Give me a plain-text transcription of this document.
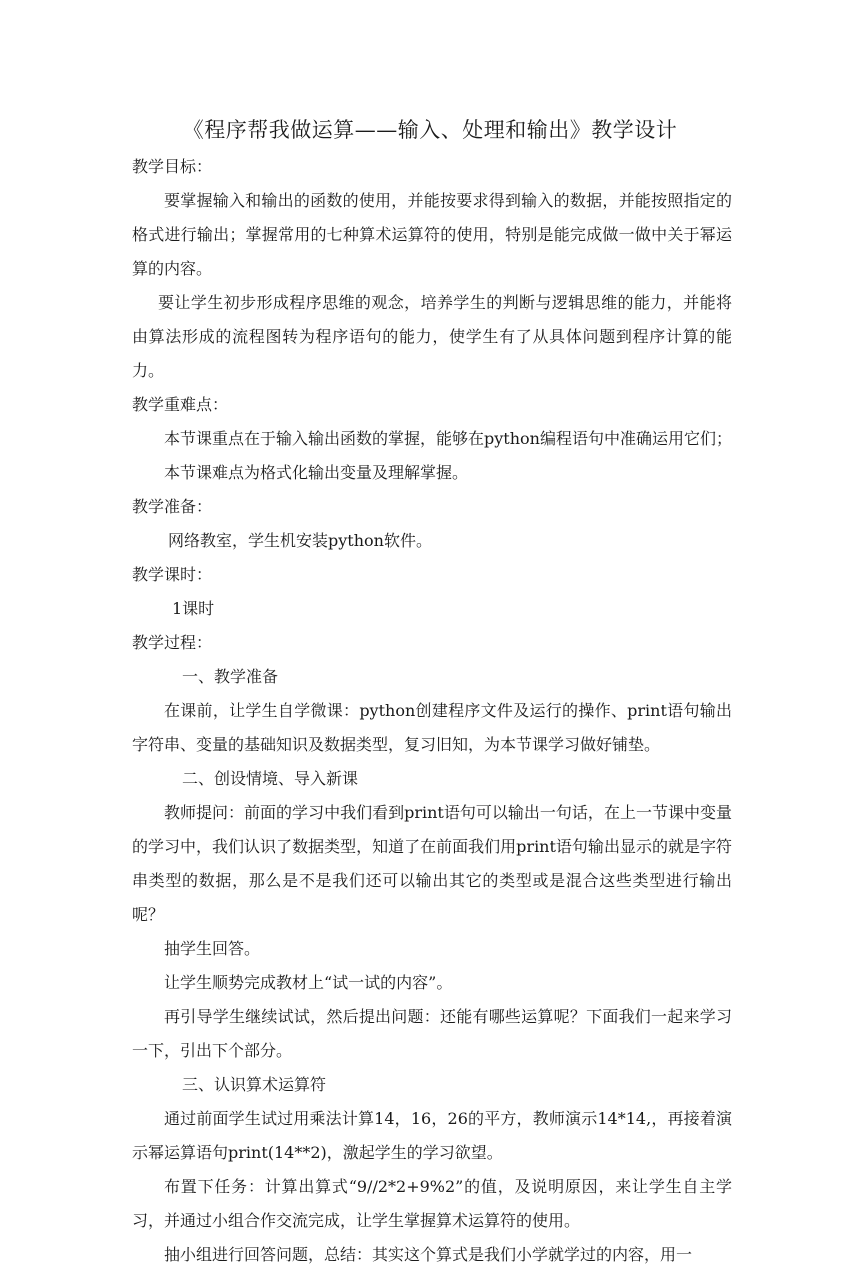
《程序帮我做运算——输入、处理和输出》教学设计

教学目标：

要掌握输入和输出的函数的使用，并能按要求得到输入的数据，并能按照指定的格式进行输出；掌握常用的七种算术运算符的使用，特别是能完成做一做中关于幂运算的内容。

要让学生初步形成程序思维的观念，培养学生的判断与逻辑思维的能力，并能将由算法形成的流程图转为程序语句的能力，使学生有了从具体问题到程序计算的能力。

教学重难点：

本节课重点在于输入输出函数的掌握，能够在python编程语句中准确运用它们；

本节课难点为格式化输出变量及理解掌握。

教学准备：

网络教室，学生机安装python软件。

教学课时：

1课时

教学过程：

一、教学准备

在课前，让学生自学微课：python创建程序文件及运行的操作、print语句输出字符串、变量的基础知识及数据类型，复习旧知，为本节课学习做好铺垫。

二、创设情境、导入新课

教师提问：前面的学习中我们看到print语句可以输出一句话，在上一节课中变量的学习中，我们认识了数据类型，知道了在前面我们用print语句输出显示的就是字符串类型的数据，那么是不是我们还可以输出其它的类型或是混合这些类型进行输出呢？

抽学生回答。

让学生顺势完成教材上“试一试的内容”。

再引导学生继续试试，然后提出问题：还能有哪些运算呢？下面我们一起来学习一下，引出下个部分。

三、认识算术运算符

通过前面学生试过用乘法计算14，16，26的平方，教师演示14*14,，再接着演示幂运算语句print(14**2)，激起学生的学习欲望。

布置下任务：计算出算式“9//2*2+9%2”的值，及说明原因，来让学生自主学习，并通过小组合作交流完成，让学生掌握算术运算符的使用。

抽小组进行回答问题，总结：其实这个算式是我们小学就学过的内容，用一
